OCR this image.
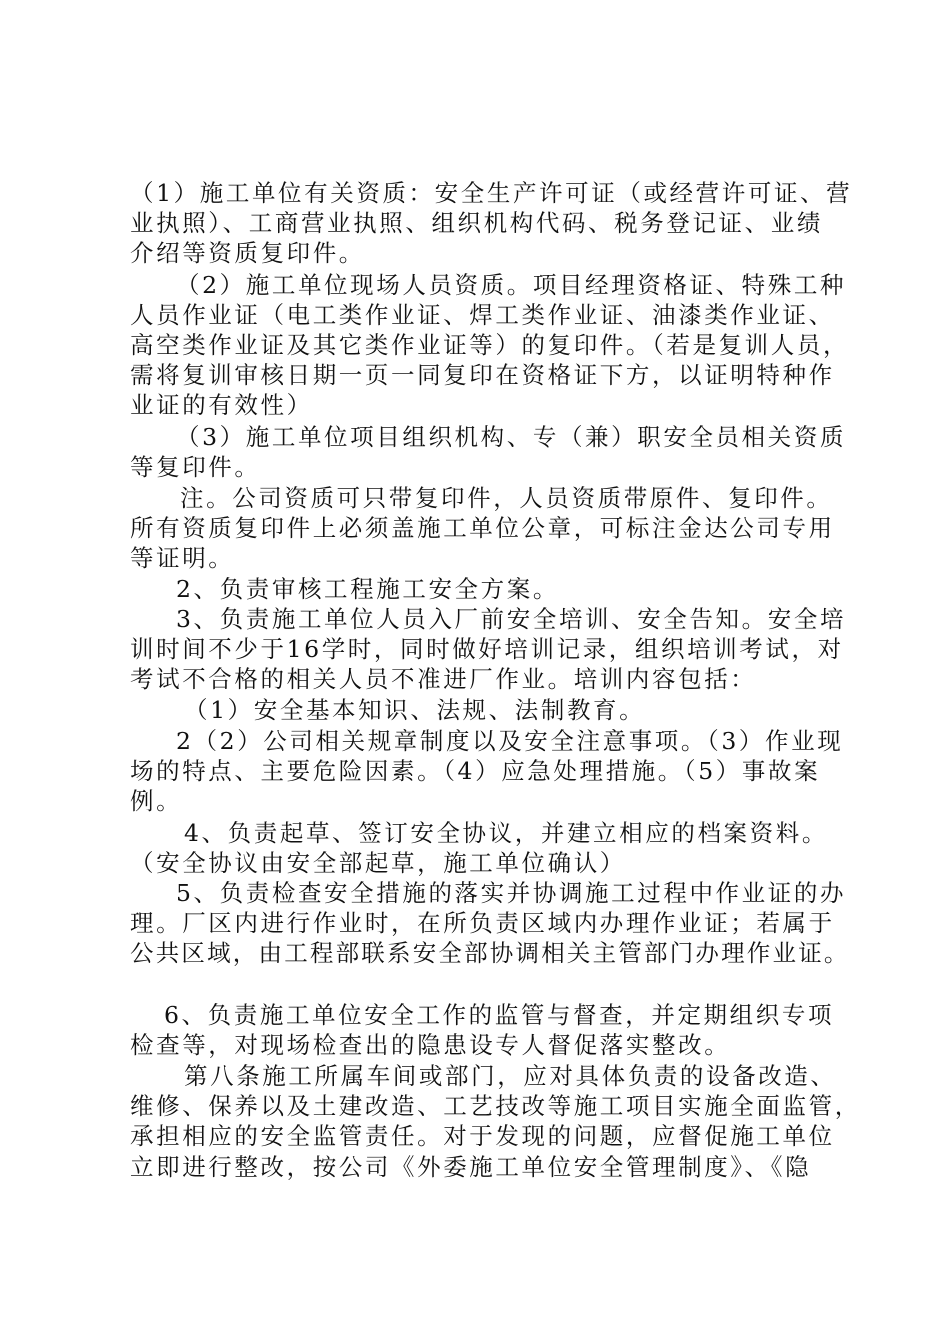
（1）施工单位有关资质：安全生产许可证（或经营许可证、营
业执照）、工商营业执照、组织机构代码、税务登记证、业绩
介绍等资质复印件。
（2）施工单位现场人员资质。项目经理资格证、特殊工种
人员作业证（电工类作业证、焊工类作业证、油漆类作业证、
高空类作业证及其它类作业证等）的复印件。（若是复训人员，
需将复训审核日期一页一同复印在资格证下方，以证明特种作
业证的有效性）
（3）施工单位项目组织机构、专（兼）职安全员相关资质
等复印件。
注。公司资质可只带复印件，人员资质带原件、复印件。
所有资质复印件上必须盖施工单位公章，可标注金达公司专用
等证明。
2、负责审核工程施工安全方案。
3、负责施工单位人员入厂前安全培训、安全告知。安全培
训时间不少于16学时，同时做好培训记录，组织培训考试，对
考试不合格的相关人员不准进厂作业。培训内容包括：
（1）安全基本知识、法规、法制教育。
2（2）公司相关规章制度以及安全注意事项。（3）作业现
场的特点、主要危险因素。（4）应急处理措施。（5）事故案
例。
4、负责起草、签订安全协议，并建立相应的档案资料。
（安全协议由安全部起草，施工单位确认）
5、负责检查安全措施的落实并协调施工过程中作业证的办
理。厂区内进行作业时，在所负责区域内办理作业证；若属于
公共区域，由工程部联系安全部协调相关主管部门办理作业证。
6、负责施工单位安全工作的监管与督查，并定期组织专项
检查等，对现场检查出的隐患设专人督促落实整改。
第八条施工所属车间或部门，应对具体负责的设备改造、
维修、保养以及土建改造、工艺技改等施工项目实施全面监管，
承担相应的安全监管责任。对于发现的问题，应督促施工单位
立即进行整改，按公司《外委施工单位安全管理制度》、《隐
